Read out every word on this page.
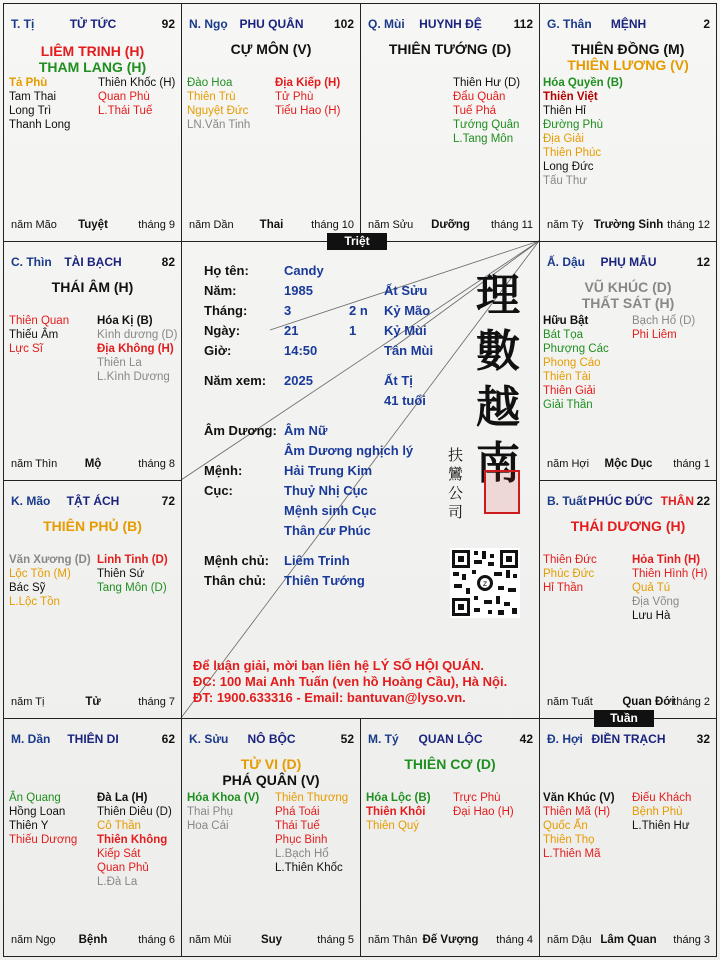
T. Tị	TỬ TỨC	92
LIÊM TRINH (H)
THAM LANG (H)
Tả Phù
Tam Thai
Long Trì
Thanh Long
Thiên Khốc (H)
Quan Phù
L.Thái Tuế
năm Mão	Tuyệt	tháng 9
N. Ngọ PHU QUÂN	102
CỰ MÔN (V)
Đào Hoa
Thiên Trù
Nguyệt Đức
LN.Văn Tinh
Địa Kiếp (H)
Tử Phù
Tiểu Hao (H)
năm Dần	Thai	tháng 10
Q. Mùi	HUYNH ĐỆ	112
THIÊN TƯỚNG (D)
Thiên Hư (D)
Đẩu Quân
Tuế Phá
Tướng Quân
L.Tang Môn
năm Sửu	Dưỡng	tháng 11
G. Thân	MỆNH	2
THIÊN ĐỒNG (M)
THIÊN LƯƠNG (V)
Hóa Quyền (B)
Thiên Việt
Thiên Hỉ
Đường Phù
Địa Giải
Thiên Phúc
Long Đức
Tấu Thư
năm Tý Trường Sinh tháng 12
C. Thìn	TÀI BẠCH	82
THÁI ÂM (H)
Thiên Quan
Thiếu Âm
Lực Sĩ
Hóa Kị (B)
Kình dương (D)
Địa Không (H)
Thiên La
L.Kình Dương
năm Thìn	Mộ	tháng 8
Ấ. Dậu	PHỤ MẪU	12
VŨ KHÚC (D)
THẤT SÁT (H)
Hữu Bật
Bát Tọa
Phượng Các
Phong Cáo
Thiên Tài
Thiên Giải
Giải Thần
Bạch Hổ (D)
Phi Liêm
năm Hợi	Mộc Dục	tháng 1
K. Mão	TẬT ÁCH	72
THIÊN PHỦ (B)
Văn Xương (D)
Lộc Tồn (M)
Bác Sỹ
L.Lộc Tồn
Linh Tinh (D)
Thiên Sứ
Tang Môn (D)
năm Tị	Tử	tháng 7
B. Tuất PHÚC ĐỨC THÂN 22
THÁI DƯƠNG (H)
Thiên Đức
Phúc Đức
Hỉ Thần
Hỏa Tinh (H)
Thiên Hình (H)
Quả Tú
Địa Võng
Lưu Hà
năm Tuất	Quan Đới
tháng 2
M. Dần	THIÊN DI	62
Ân Quang
Hồng Loan
Thiên Y
Thiếu Dương
Đà La (H)
Thiên Diêu (D)
Cô Thần
Thiên Không
Kiếp Sát
Quan Phủ
L.Đà La
năm Ngọ	Bệnh	tháng 6
K. Sửu	NÔ BỘC	52
TỬ VI (D)
PHÁ QUÂN (V)
Hóa Khoa (V)
Thai Phụ
Hoa Cái
Thiên Thương
Phá Toái
Thái Tuế
Phục Binh
L.Bạch Hổ
L.Thiên Khốc
năm Mùi	Suy	tháng 5
M. Tý	QUAN LỘC	42
THIÊN CƠ (D)
Hóa Lộc (B)
Thiên Khôi
Thiên Quý
Trực Phù
Đại Hao (H)
năm Thân Đế Vượng	tháng 4
Đ. Hợi ĐIỀN TRẠCH	32
Văn Khúc (V)
Thiên Mã (H)
Quốc Ấn
Thiên Thọ
L.Thiên Mã
Điếu Khách
Bệnh Phù
L.Thiên Hư
năm Dậu Lâm Quan	tháng 3
Triệt
Tuần
Họ tên:	Candy
Năm:	1985	Ất Sửu
Tháng:	3	2 n Kỷ Mão
Ngày:	21	1 Kỷ Mùi
Giờ:	14:50	Tân Mùi
Năm xem: 2025	Ất Tị
41 tuổi
Âm Dương: Âm Nữ
Âm Dương nghịch lý
Mệnh:	Hải Trung Kim
Cục:	Thuỷ Nhị Cục
Mệnh sinh Cục
Thân cư Phúc
Mệnh chủ: Liêm Trinh
Thân chủ: Thiên Tướng
理
數
越
南
扶鸞公司
z
Để luận giải, mời bạn liên hệ LÝ SỐ HỘI QUÁN.
ĐC: 100 Mai Anh Tuấn (ven hồ Hoàng Cầu), Hà Nội.
ĐT: 1900.633316 - Email: bantuvan@lyso.vn.
